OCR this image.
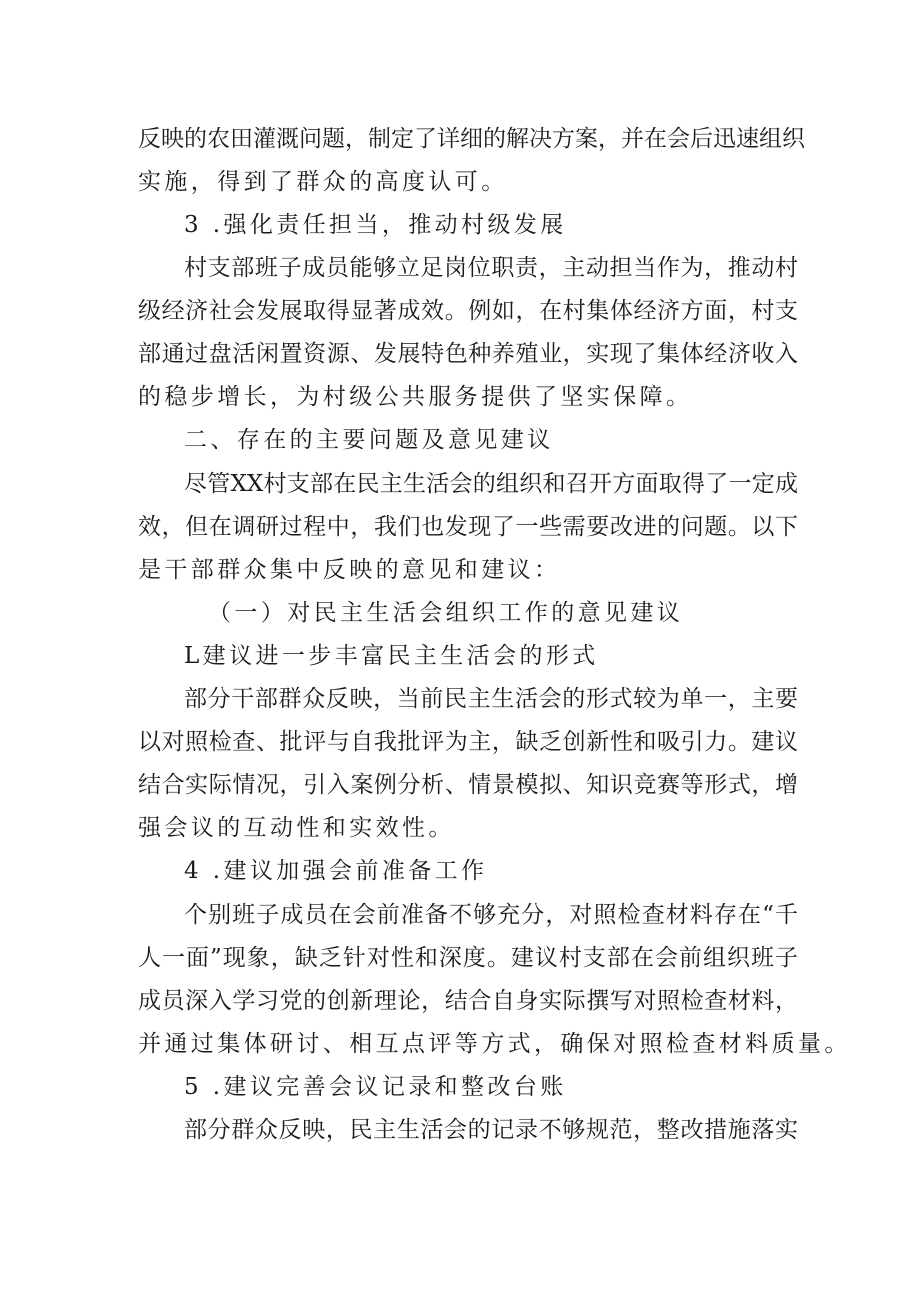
反映的农田灌溉问题，制定了详细的解决方案，并在会后迅速组织
实施，得到了群众的高度认可。
3 .强化责任担当，推动村级发展
村支部班子成员能够立足岗位职责，主动担当作为，推动村
级经济社会发展取得显著成效。例如，在村集体经济方面，村支
部通过盘活闲置资源、发展特色种养殖业，实现了集体经济收入
的稳步增长，为村级公共服务提供了坚实保障。
二、存在的主要问题及意见建议
尽管XX村支部在民主生活会的组织和召开方面取得了一定成
效，但在调研过程中，我们也发现了一些需要改进的问题。以下
是干部群众集中反映的意见和建议：
（一）对民主生活会组织工作的意见建议
L建议进一步丰富民主生活会的形式
部分干部群众反映，当前民主生活会的形式较为单一，主要
以对照检查、批评与自我批评为主，缺乏创新性和吸引力。建议
结合实际情况，引入案例分析、情景模拟、知识竞赛等形式，增
强会议的互动性和实效性。
4 .建议加强会前准备工作
个别班子成员在会前准备不够充分，对照检查材料存在“千
人一面”现象，缺乏针对性和深度。建议村支部在会前组织班子
成员深入学习党的创新理论，结合自身实际撰写对照检查材料，
并通过集体研讨、相互点评等方式，确保对照检查材料质量。
5 .建议完善会议记录和整改台账
部分群众反映，民主生活会的记录不够规范，整改措施落实
